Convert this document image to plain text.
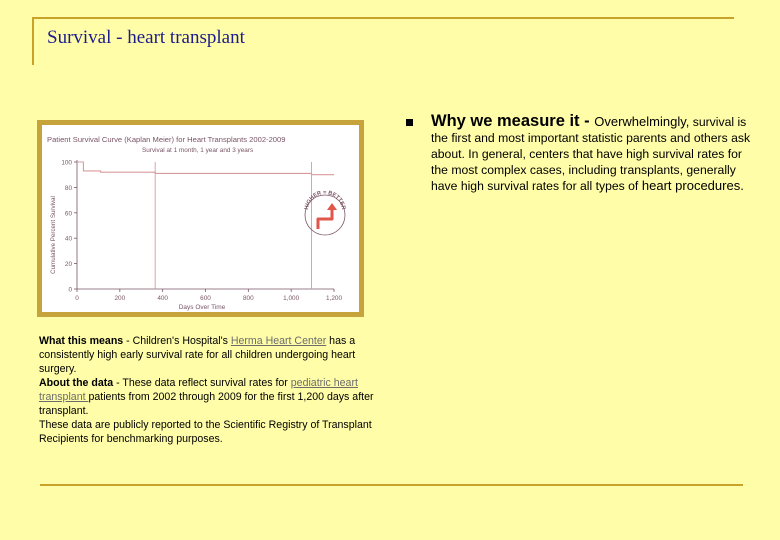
Survival - heart transplant
Patient Survival Curve (Kaplan Meier) for Heart Transplants 2002-2009
Survival at 1 month, 1 year and 3 years
Cumulative Percent Survival
Days Over Time
0
20
40
60
80
100
0	200	400	600	800	1,000	1,200
HIGHER = BETTER

What this means - Children's Hospital's Herma Heart Center has a consistently high early survival rate for all children undergoing heart surgery.

About the data - These data reflect survival rates for pediatric heart transplant patients from 2002 through 2009 for the first 1,200 days after transplant.

These data are publicly reported to the Scientific Registry of Transplant Recipients for benchmarking purposes.

Why we measure it - Overwhelmingly, survival is the first and most important statistic parents and others ask about. In general, centers that have high survival rates for the most complex cases, including transplants, generally have high survival rates for all types of heart procedures.
